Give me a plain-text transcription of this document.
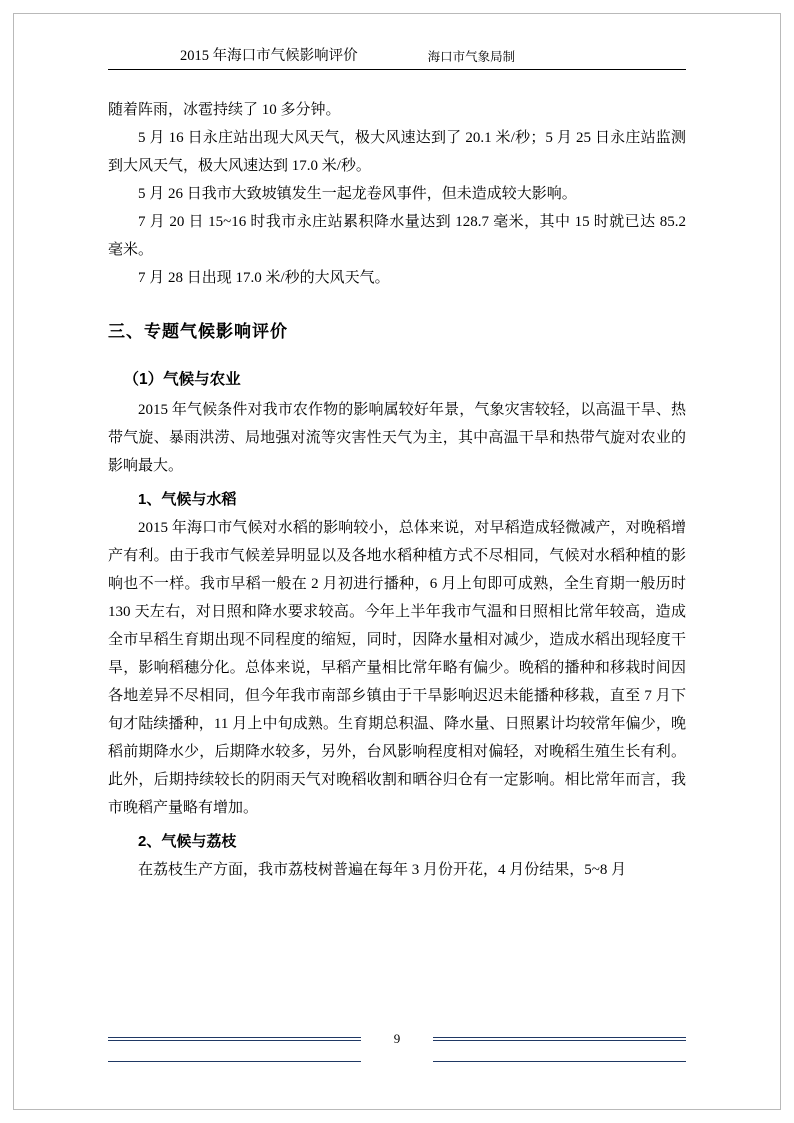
2015 年海口市气候影响评价	海口市气象局制

随着阵雨，冰雹持续了 10 多分钟。

5 月 16 日永庄站出现大风天气，极大风速达到了 20.1 米/秒；5 月 25 日永庄站监测到大风天气，极大风速达到 17.0 米/秒。

5 月 26 日我市大致坡镇发生一起龙卷风事件，但未造成较大影响。

7 月 20 日 15~16 时我市永庄站累积降水量达到 128.7 毫米，其中 15 时就已达 85.2 毫米。

7 月 28 日出现 17.0 米/秒的大风天气。

三、专题气候影响评价
（1）气候与农业

2015 年气候条件对我市农作物的影响属较好年景，气象灾害较轻，以高温干旱、热带气旋、暴雨洪涝、局地强对流等灾害性天气为主，其中高温干旱和热带气旋对农业的影响最大。

1、气候与水稻

2015 年海口市气候对水稻的影响较小，总体来说，对早稻造成轻微减产，对晚稻增产有利。由于我市气候差异明显以及各地水稻种植方式不尽相同，气候对水稻种植的影响也不一样。我市早稻一般在 2 月初进行播种，6 月上旬即可成熟，全生育期一般历时 130 天左右，对日照和降水要求较高。今年上半年我市气温和日照相比常年较高，造成全市早稻生育期出现不同程度的缩短，同时，因降水量相对减少，造成水稻出现轻度干旱，影响稻穗分化。总体来说，早稻产量相比常年略有偏少。晚稻的播种和移栽时间因各地差异不尽相同，但今年我市南部乡镇由于干旱影响迟迟未能播种移栽，直至 7 月下旬才陆续播种，11 月上中旬成熟。生育期总积温、降水量、日照累计均较常年偏少，晚稻前期降水少，后期降水较多，另外，台风影响程度相对偏轻，对晚稻生殖生长有利。此外，后期持续较长的阴雨天气对晚稻收割和晒谷归仓有一定影响。相比常年而言，我市晚稻产量略有增加。

2、气候与荔枝

在荔枝生产方面，我市荔枝树普遍在每年 3 月份开花，4 月份结果，5~8 月

9
